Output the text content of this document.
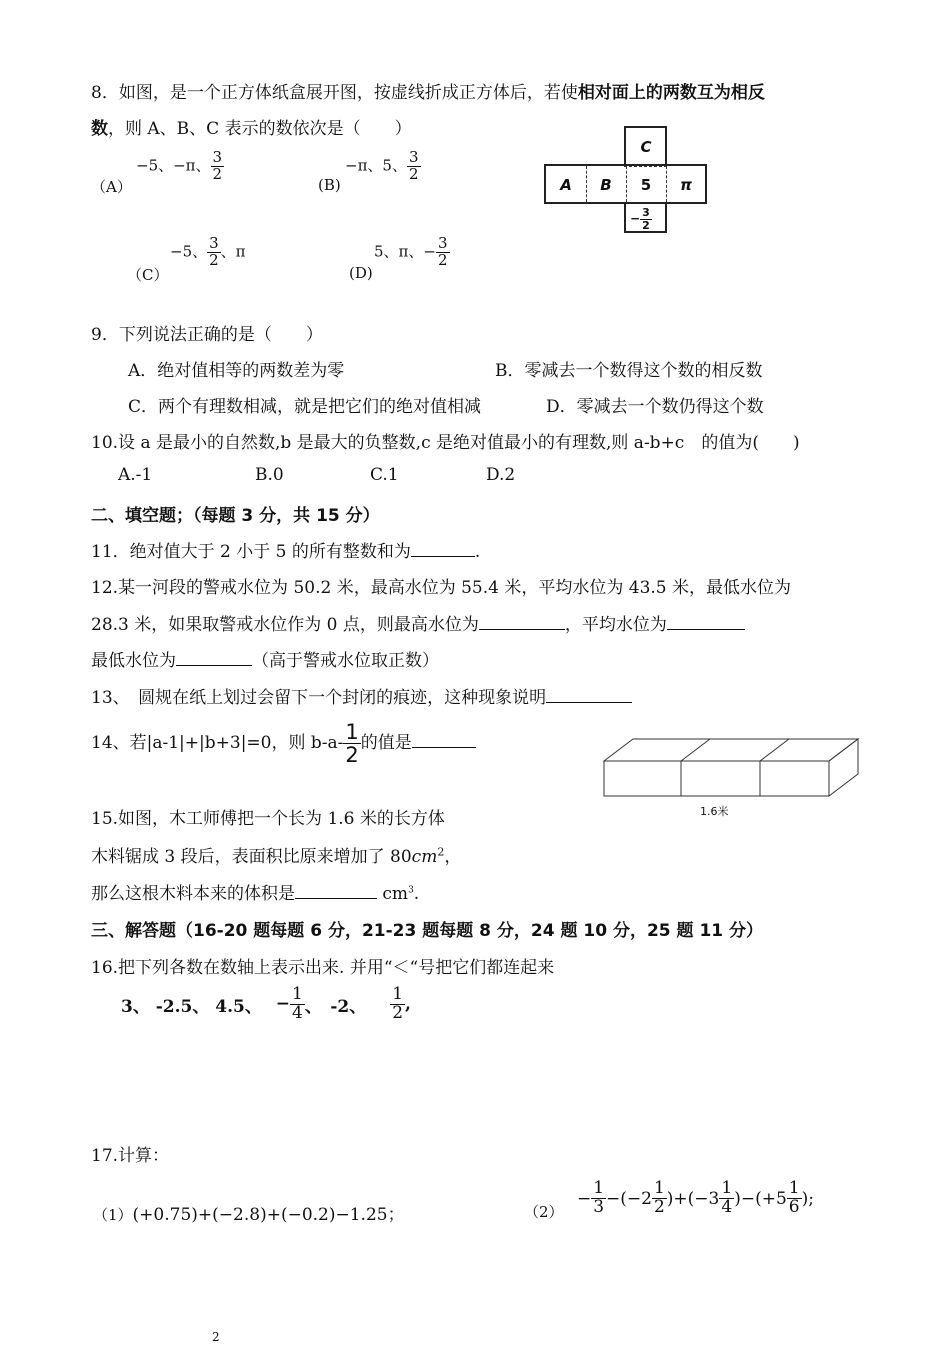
8．如图，是一个正方体纸盒展开图，按虚线折成正方体后，若使相对面上的两数互为相反
数，则 A、B、C 表示的数依次是（　　）
（A）
−5、−π、 $\frac{3}{2}$
(B)
−π、5、 $\frac{3}{2}$
（C）
−5、 $\frac{3}{2}$ 、π
(D)
5、π、− $\frac{3}{2}$
C
A	B	5	π
− $\frac{3}{2}$
9．下列说法正确的是（　　）
A．绝对值相等的两数差为零	B．零减去一个数得这个数的相反数
C．两个有理数相减，就是把它们的绝对值相减	D．零减去一个数仍得这个数
10.设 a 是最小的自然数,b 是最大的负整数,c 是绝对值最小的有理数,则 a-b+c　的值为(　　)
A.-1	B.0	C.1	D.2
二、填空题；（每题 3 分，共 15 分）
11．绝对值大于 2 小于 5 的所有整数和为	.
12.某一河段的警戒水位为 50.2 米，最高水位为 55.4 米，平均水位为 43.5 米，最低水位为
28.3 米，如果取警戒水位作为 0 点，则最高水位为	，平均水位为
最低水位为	（高于警戒水位取正数）
13、　圆规在纸上划过会留下一个封闭的痕迹，这种现象说明
14、若|a-1|+|b+3|=0，则 $b-a- \frac{1}{2}$ 的值是
1.6米
15.如图，木工师傅把一个长为 1.6 米的长方体
木料锯成 3 段后，表面积比原来增加了 $80cm^2$，
那么这根木料本来的体积是	$cm^3$.
三、解答题（16-20 题每题 6 分，21-23 题每题 8 分，24 题 10 分，25 题 11 分）
16.把下列各数在数轴上表示出来. 并用“＜“号把它们都连起来
3、 -2.5、 4.5、 − $\frac{1}{4}$ 、　-2、 $\frac{1}{2}$ ,
17.计算：
（1）(+0.75)+(−2.8)+(−0.2)−1.25；	$(2) - \frac{1}{3} -(-2 \frac{1}{2} )+(-3 \frac{1}{4} )-(+5 \frac{1}{6}$ );
2
